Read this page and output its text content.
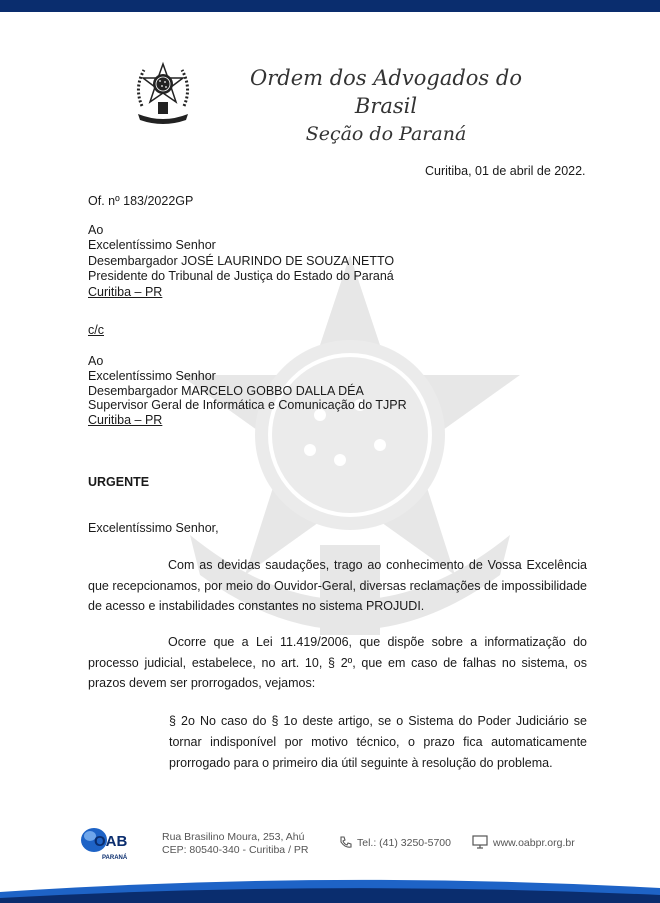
Ordem dos Advogados do Brasil
Seção do Paraná
Curitiba, 01 de abril de 2022.
Of. nº 183/2022GP
Ao
Excelentíssimo Senhor
Desembargador JOSÉ LAURINDO DE SOUZA NETTO
Presidente do Tribunal de Justiça do Estado do Paraná
Curitiba – PR
c/c
Ao
Excelentíssimo Senhor
Desembargador MARCELO GOBBO DALLA DÉA
Supervisor Geral de Informática e Comunicação do TJPR
Curitiba – PR
URGENTE
Excelentíssimo Senhor,
Com as devidas saudações, trago ao conhecimento de Vossa Excelência que recepcionamos, por meio do Ouvidor-Geral, diversas reclamações de impossibilidade de acesso e instabilidades constantes no sistema PROJUDI.
Ocorre que a Lei 11.419/2006, que dispõe sobre a informatização do processo judicial, estabelece, no art. 10, § 2º, que em caso de falhas no sistema, os prazos devem ser prorrogados, vejamos:
§ 2o No caso do § 1o deste artigo, se o Sistema do Poder Judiciário se tornar indisponível por motivo técnico, o prazo fica automaticamente prorrogado para o primeiro dia útil seguinte à resolução do problema.
OAB
PARANÁ
Rua Brasilino Moura, 253, Ahú
CEP: 80540-340 - Curitiba / PR
Tel.: (41) 3250-5700	www.oabpr.org.br
